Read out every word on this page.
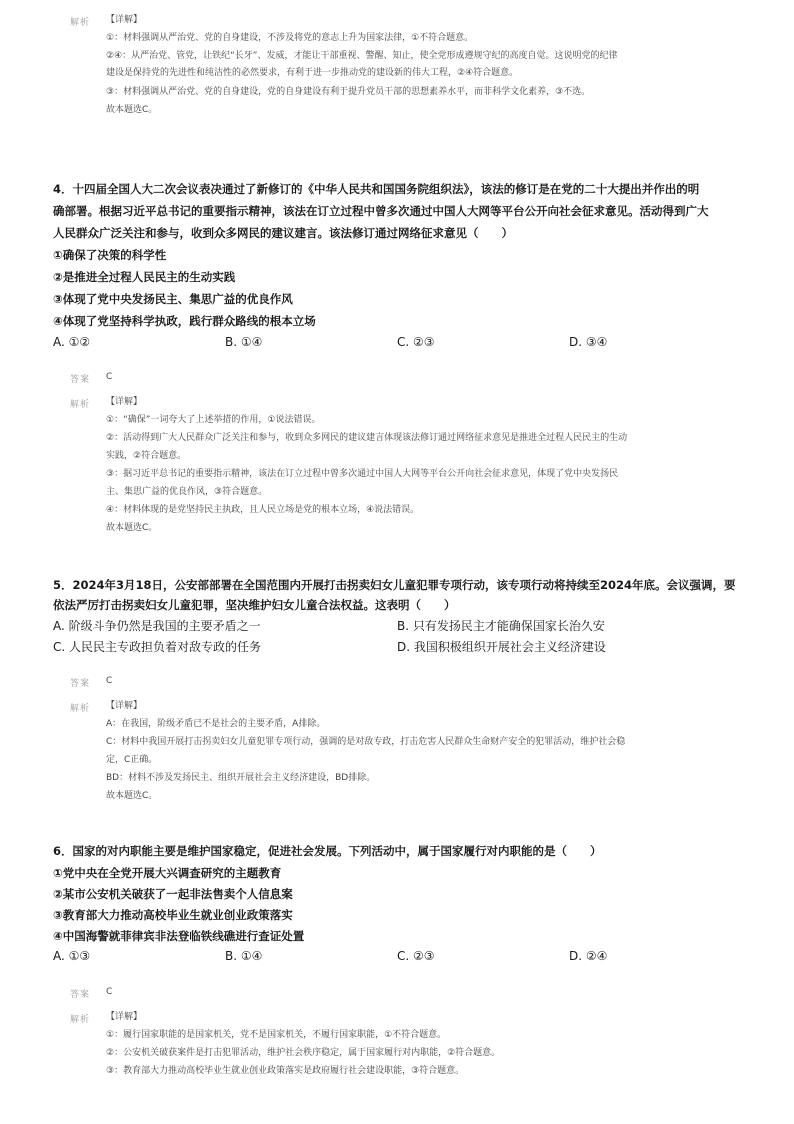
解析 【详解】
①：材料强调从严治党、党的自身建设，不涉及将党的意志上升为国家法律，①不符合题意。
②④：从严治党、管党，让铁纪“长牙”、发威，才能让干部重视、警醒、知止，使全党形成遵规守纪的高度自觉。这说明党的纪律
建设是保持党的先进性和纯洁性的必然要求，有利于进一步推动党的建设新的伟大工程，②④符合题意。
③：材料强调从严治党、党的自身建设，党的自身建设有利于提升党员干部的思想素养水平，而非科学文化素养，③不选。
故本题选C。
4．十四届全国人大二次会议表决通过了新修订的《中华人民共和国国务院组织法》，该法的修订是在党的二十大提出并作出的明
确部署。根据习近平总书记的重要指示精神，该法在订立过程中曾多次通过中国人大网等平台公开向社会征求意见。活动得到广大
人民群众广泛关注和参与，收到众多网民的建议建言。该法修订通过网络征求意见（　　）
①确保了决策的科学性
②是推进全过程人民民主的生动实践
③体现了党中央发扬民主、集思广益的优良作风
④体现了党坚持科学执政，践行群众路线的根本立场
A. ①②	B. ①④	C. ②③	D. ③④
答案 C
解析 【详解】
①：“确保”一词夸大了上述举措的作用，①说法错误。
②：活动得到广大人民群众广泛关注和参与，收到众多网民的建议建言体现该法修订通过网络征求意见是推进全过程人民民主的生动
实践，②符合题意。
③：据习近平总书记的重要指示精神，该法在订立过程中曾多次通过中国人大网等平台公开向社会征求意见，体现了党中央发扬民
主、集思广益的优良作风，③符合题意。
④：材料体现的是党坚持民主执政，且人民立场是党的根本立场，④说法错误。
故本题选C。
5．2024年3月18日，公安部部署在全国范围内开展打击拐卖妇女儿童犯罪专项行动，该专项行动将持续至2024年底。会议强调，要
依法严厉打击拐卖妇女儿童犯罪，坚决维护妇女儿童合法权益。这表明（　　）
A. 阶级斗争仍然是我国的主要矛盾之一	B. 只有发扬民主才能确保国家长治久安
C. 人民民主专政担负着对敌专政的任务	D. 我国积极组织开展社会主义经济建设
答案 C
解析 【详解】
A：在我国，阶级矛盾已不是社会的主要矛盾，A排除。
C：材料中我国开展打击拐卖妇女儿童犯罪专项行动，强调的是对敌专政，打击危害人民群众生命财产安全的犯罪活动，维护社会稳
定，C正确。
BD：材料不涉及发扬民主、组织开展社会主义经济建设，BD排除。
故本题选C。
6．国家的对内职能主要是维护国家稳定，促进社会发展。下列活动中，属于国家履行对内职能的是（　　）
①党中央在全党开展大兴调查研究的主题教育
②某市公安机关破获了一起非法售卖个人信息案
③教育部大力推动高校毕业生就业创业政策落实
④中国海警就菲律宾非法登临铁线礁进行查证处置
A. ①③	B. ①④	C. ②③	D. ②④
答案 C
解析 【详解】
①：履行国家职能的是国家机关，党不是国家机关，不履行国家职能，①不符合题意。
②：公安机关破获案件是打击犯罪活动，维护社会秩序稳定，属于国家履行对内职能，②符合题意。
③：教育部大力推动高校毕业生就业创业政策落实是政府履行社会建设职能，③符合题意。
